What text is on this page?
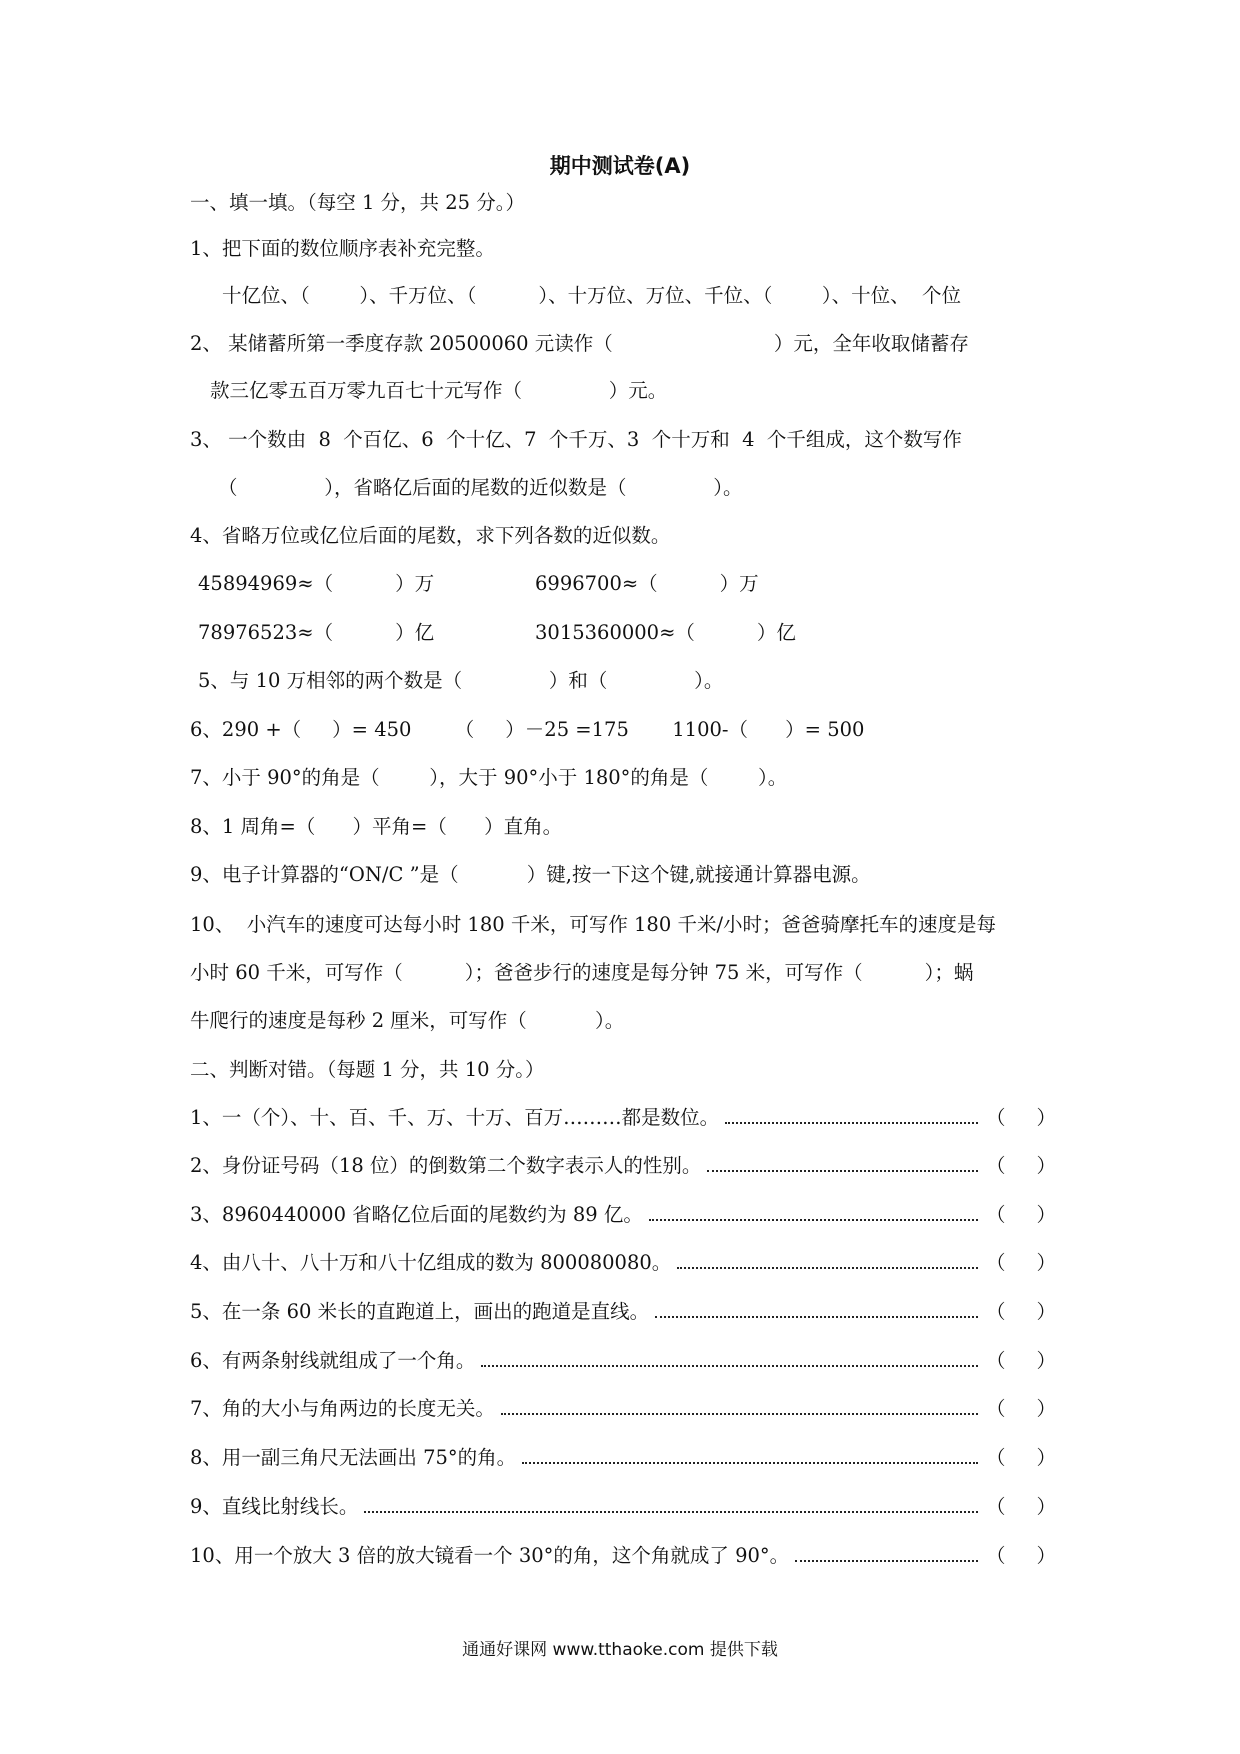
期中测试卷(A)
一、填一填。（每空 1 分，共 25 分。）
1、把下面的数位顺序表补充完整。
十亿位、（        ）、千万位、（          ）、十万位、万位、千位、（        ）、十位、  个位
2、 某储蓄所第一季度存款 20500060 元读作（                          ）元，全年收取储蓄存
款三亿零五百万零九百七十元写作（              ）元。
3、 一个数由  8  个百亿、6  个十亿、7  个千万、3  个十万和  4  个千组成，这个数写作
（              ），省略亿后面的尾数的近似数是（              ）。
4、省略万位或亿位后面的尾数，求下列各数的近似数。
45894969≈（          ）万	6996700≈（          ）万
78976523≈（          ）亿	3015360000≈（          ）亿
5、与 10 万相邻的两个数是（              ）和（              ）。
6、290 +（     ）= 450       （     ）－25 =175       1100-（      ）= 500
7、小于 90°的角是（        ），大于 90°小于 180°的角是（        ）。
8、1 周角=（      ）平角=（      ）直角。
9、电子计算器的“ON/C ”是（           ）键,按一下这个键,就接通计算器电源。
10、  小汽车的速度可达每小时 180 千米，可写作 180 千米/小时；爸爸骑摩托车的速度是每
小时 60 千米，可写作（          ）；爸爸步行的速度是每分钟 75 米，可写作（          ）；蜗
牛爬行的速度是每秒 2 厘米，可写作（           ）。
二、判断对错。（每题 1 分，共 10 分。）
1、一（个）、十、百、千、万、十万、百万………都是数位。	（     ）
2、身份证号码（18 位）的倒数第二个数字表示人的性别。	（     ）
3、8960440000 省略亿位后面的尾数约为 89 亿。	（     ）
4、由八十、八十万和八十亿组成的数为 800080080。	（     ）
5、在一条 60 米长的直跑道上，画出的跑道是直线。	（     ）
6、有两条射线就组成了一个角。	（     ）
7、角的大小与角两边的长度无关。	（     ）
8、用一副三角尺无法画出 75°的角。	（     ）
9、直线比射线长。	（     ）
10、用一个放大 3 倍的放大镜看一个 30°的角，这个角就成了 90°。	（     ）
通通好课网 www.tthaoke.com 提供下载
